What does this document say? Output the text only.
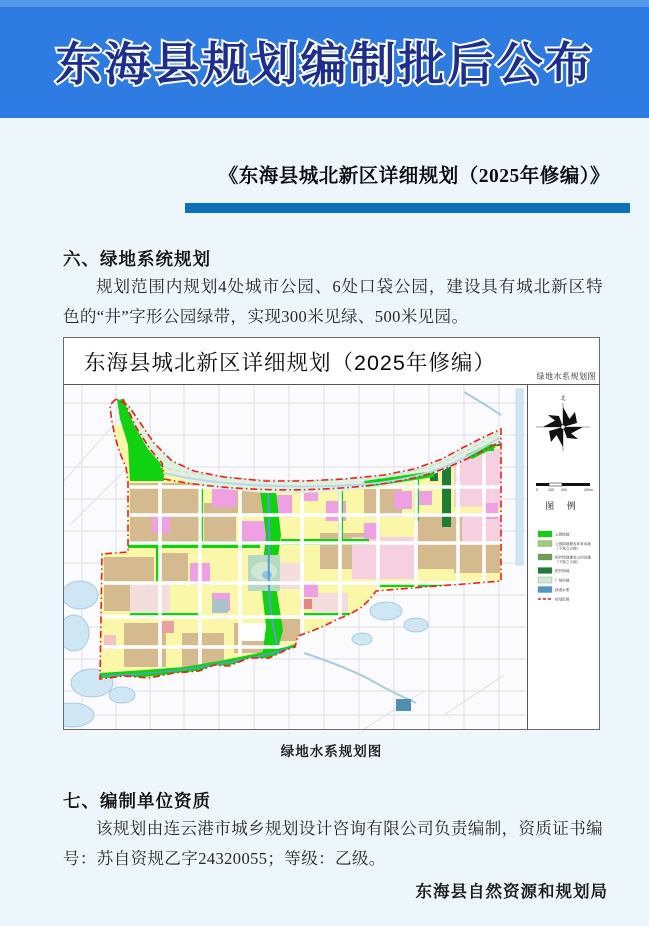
东海县规划编制批后公布
《东海县城北新区详细规划（2025年修编）》
六、绿地系统规划

规划范围内规划4处城市公园、6处口袋公园，建设具有城北新区特色的“井”字形公园绿带，实现300米见绿、500米见园。

东海县城北新区详细规划（2025年修编）
绿地水系规划图
北
0	100 200	400m
图 例
公园绿地
公园绿地兼容体育用地（不独立占地）
防护绿地兼容公用设施（不独立占地）
防护绿地
广场用地
绿道水系
规划范围
绿地水系规划图
七、编制单位资质

该规划由连云港市城乡规划设计咨询有限公司负责编制，资质证书编号：苏自资规乙字24320055；等级：乙级。

东海县自然资源和规划局
